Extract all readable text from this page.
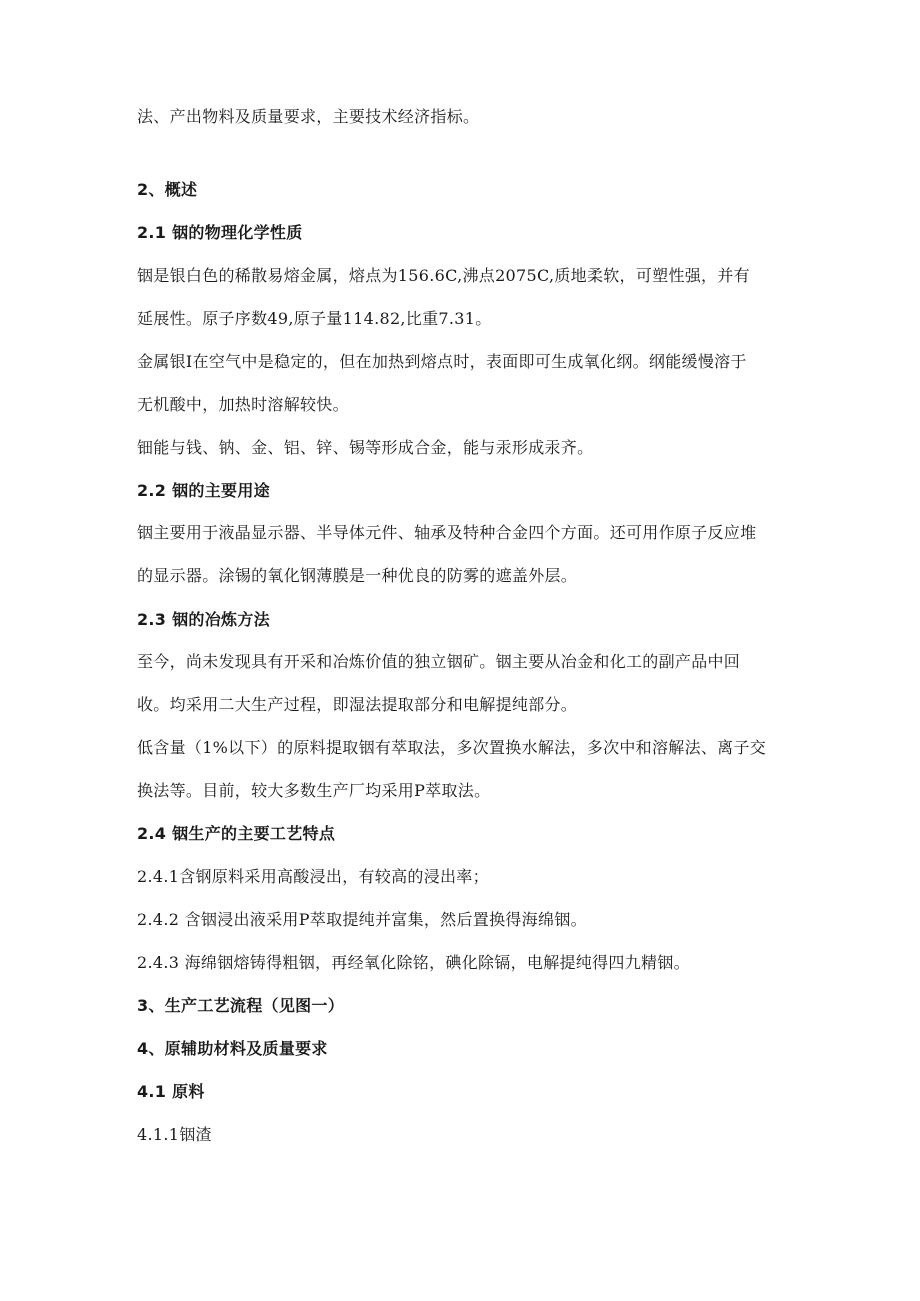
法、产出物料及质量要求，主要技术经济指标。
2、概述
2.1 铟的物理化学性质
铟是银白色的稀散易熔金属，熔点为156.6C,沸点2075C,质地柔软，可塑性强，并有
延展性。原子序数49,原子量114.82,比重7.31。
金属银I在空气中是稳定的，但在加热到熔点时，表面即可生成氧化纲。纲能缓慢溶于
无机酸中，加热时溶解较快。
钿能与钱、钠、金、铝、锌、锡等形成合金，能与汞形成汞齐。
2.2 铟的主要用途
铟主要用于液晶显示器、半导体元件、轴承及特种合金四个方面。还可用作原子反应堆
的显示器。涂锡的氧化钢薄膜是一种优良的防雾的遮盖外层。
2.3 铟的冶炼方法
至今，尚未发现具有开采和冶炼价值的独立铟矿。铟主要从冶金和化工的副产品中回
收。均采用二大生产过程，即湿法提取部分和电解提纯部分。
低含量（1%以下）的原料提取铟有萃取法，多次置换水解法，多次中和溶解法、离子交
换法等。目前，较大多数生产厂均采用P萃取法。
2.4 铟生产的主要工艺特点
2.4.1含钢原料采用高酸浸出，有较高的浸出率；
2.4.2 含铟浸出液采用P萃取提纯并富集，然后置换得海绵铟。
2.4.3 海绵铟熔铸得粗铟，再经氧化除铭，碘化除镉，电解提纯得四九精铟。
3、生产工艺流程（见图一）
4、原辅助材料及质量要求
4.1 原料
4.1.1铟渣
